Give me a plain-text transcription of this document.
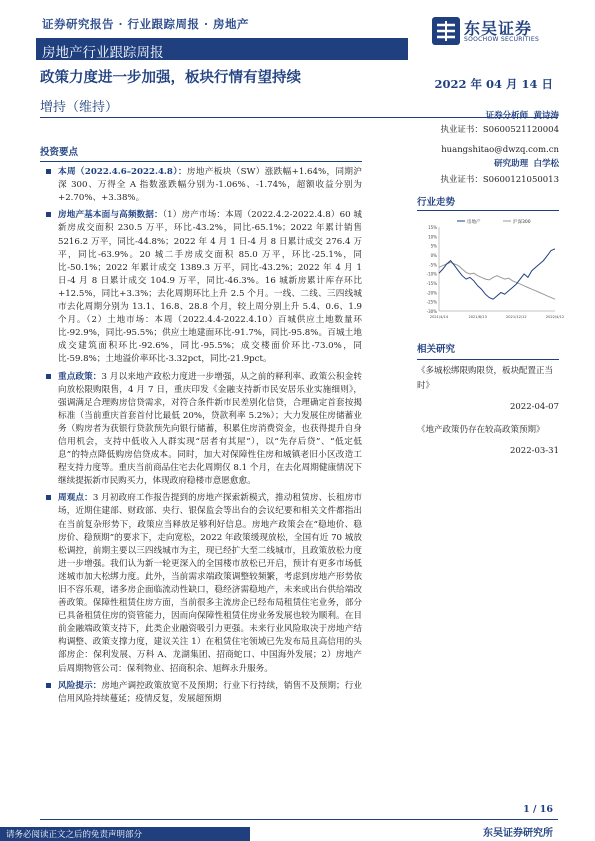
证券研究报告 · 行业跟踪周报 · 房地产
房地产行业跟踪周报
东吴证券
SOOCHOW SECURITIES
政策力度进一步加强，板块行情有望持续	2022 年 04 月 14 日
增持（维持）
证券分析师 黄诗涛
执业证书：S0600521120004
huangshitao@dwzq.com.cn
研究助理 白学松
执业证书：S0600121050013
行业走势
15%
10%
5%
0%
-5%
-10%
-15%
-20%
-25%
-30%
2021/4/14	2021/8/13	2021/12/12	2022/4/12
房地产	沪深300
相关研究
《多城松绑限购限贷，板块配置正当时》
2022-04-07
《地产政策仍存在较高政策预期》
2022-03-31
投资要点

本周（2022.4.6–2022.4.8）：房地产板块（SW）涨跌幅+1.64%，同期沪深 300、万得全 A 指数涨跌幅分别为-1.06%、-1.74%，超额收益分别为+2.70%、+3.38%。

房地产基本面与高频数据：（1）房产市场：本周（2022.4.2-2022.4.8）60 城新房成交面积 230.5 万平，环比-43.2%，同比-65.1%；2022 年累计销售 5216.2 万平，同比-44.8%；2022 年 4 月 1 日-4 月 8 日累计成交 276.4 万平，同比-63.9%。20 城二手房成交面积 85.0 万平，环比-25.1%，同比-50.1%；2022 年累计成交 1389.3 万平，同比-43.2%；2022 年 4 月 1 日-4 月 8 日累计成交 104.9 万平，同比-46.3%。16 城新房累计库存环比+12.5%，同比+3.3%；去化周期环比上升 2.5 个月。一线、二线、三四线城市去化周期分别为 13.1、16.8、28.8 个月，较上周分别上升 5.4、0.6、1.9 个月。（2）土地市场：本周（2022.4.4-2022.4.10）百城供应土地数量环比-92.9%，同比-95.5%；供应土地建面环比-91.7%，同比-95.8%。百城土地成交建筑面积环比-92.6%，同比-95.5%；成交楼面价环比-73.0%，同比-59.8%；土地溢价率环比-3.32pct，同比-21.9pct。

重点政策：3 月以来地产政松力度进一步增强，从之前的释利率、政策公积金转向放松限购限售，4 月 7 日，重庆印发《金融支持新市民安居乐业实施细则》，强调满足合理购房信贷需求，对符合条件新市民差别化信贷，合理确定首套按揭标准（当前重庆首套首付比最低 20%，贷款利率 5.2%）；大力发展住房储蓄业务（购房者为获银行贷款预先向银行储蓄，积累住房消费资金，也获得提升自身信用机会，支持中低收入人群实现“居者有其屋”），以“先存后贷”、“低定低息”的特点降低购房信贷成本。同时，加大对保障性住房和城镇老旧小区改造工程支持力度等。重庆当前商品住宅去化周期仅 8.1 个月，在去化周期健康情况下继续提振新市民购买力，体现政府稳楼市意愿愈愈。

周观点：3 月初政府工作报告提到的房地产探索新模式，推动租赁房、长租房市场，近期住建部、财政部、央行、银保监会等出台的会议纪要和相关文件都指出在当前复杂形势下，政策应当释放足够利好信息。房地产政策会在“稳地价、稳房价、稳预期”的要求下，走向宽松，2022 年政策缓现放松，全国有近 70 城放松调控，前期主要以三四线城市为主，现已经扩大至二线城市，且政策放松力度进一步增强。我们认为新一轮更深入的全国楼市放松已开启，预计有更多市场低迷城市加大松绑力度。此外，当前需求端政策调整较频繁，考虑到房地产形势依旧不容乐观，诸多房企面临流动性缺口，稳经济需稳地产，未来或出台供给端改善政策。保障性租赁住房方面，当前很多主流房企已经布局租赁住宅业务，部分已具备租赁住房的资管能力，因而向保障性租赁住房业务发展也较为顺利。在目前金融端政策支持下，此类企业融资吸引力更强。未来行业风险取决于房地产结构调整、政策支撑力度，建议关注 1）在租赁住宅领域已先发布局且高信用的头部房企：保利发展、万科 A、龙湖集团、招商蛇口、中国海外发展；2）房地产后周期物管公司：保利物业、招商积余、旭辉永升服务。

风险提示：房地产调控政策放宽不及预期；行业下行持续，销售不及预期；行业信用风险持续蔓延；疫情反复，发展超预期

1 / 16
东吴证券研究所
请务必阅读正文之后的免责声明部分
